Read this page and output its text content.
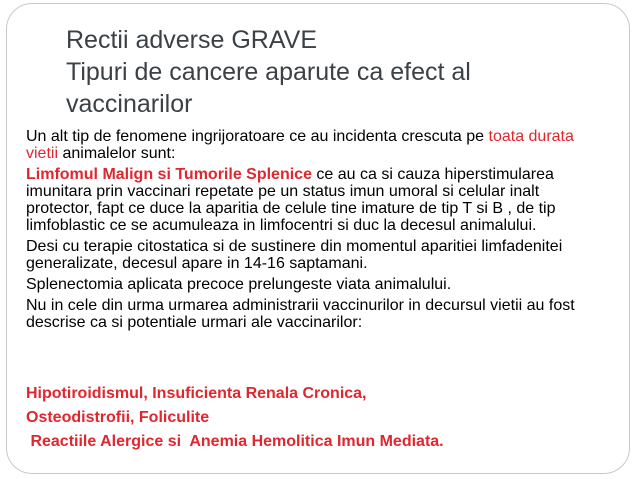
Rectii adverse GRAVE
Tipuri de cancere aparute ca efect al
vaccinarilor

Un alt tip de fenomene ingrijoratoare ce au incidenta crescuta pe toata durata vietii animalelor sunt:

Limfomul Malign si Tumorile Splenice ce au ca si cauza hiperstimularea imunitara prin vaccinari repetate pe un status imun umoral si celular inalt protector, fapt ce duce la aparitia de celule tine imature de tip T si B , de tip limfoblastic ce se acumuleaza in limfocentri si duc la decesul animalului.

Desi cu terapie citostatica si de sustinere din momentul aparitiei limfadenitei generalizate, decesul apare in 14-16 saptamani.

Splenectomia aplicata precoce prelungeste viata animalului.

Nu in cele din urma urmarea administrarii vaccinurilor in decursul vietii au fost descrise ca si potentiale urmari ale vaccinarilor:

Hipotiroidismul, Insuficienta Renala Cronica,
Osteodistrofii, Foliculite
Reactiile Alergice si  Anemia Hemolitica Imun Mediata.
